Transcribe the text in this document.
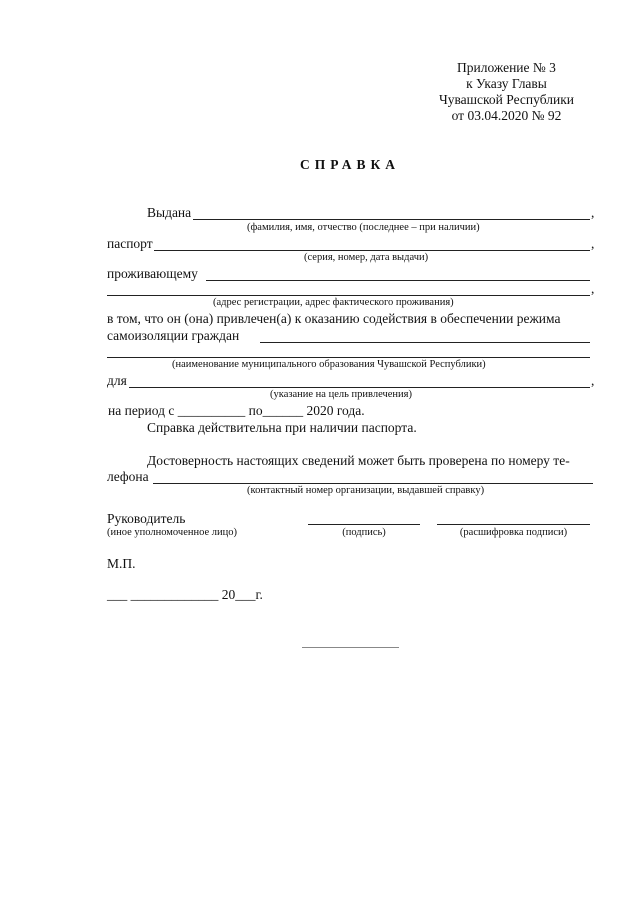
Приложение № 3
к Указу Главы
Чувашской Республики
от 03.04.2020 № 92
СПРАВКА
Выдана	,
(фамилия, имя, отчество (последнее – при наличии)
паспорт	,
(серия, номер, дата выдачи)
проживающему
,
(адрес регистрации, адрес фактического проживания)
в том, что он (она) привлечен(а) к оказанию содействия в обеспечении режима
самоизоляции граждан
(наименование муниципального образования Чувашской Республики)
для	,
(указание на цель привлечения)
на период с __________ по______ 2020 года.
Справка действительна при наличии паспорта.
Достоверность настоящих сведений может быть проверена по номеру те-
лефона
(контактный номер организации, выдавшей справку)
Руководитель
(иное уполномоченное лицо)	(подпись)	(расшифровка подписи)
М.П.
___ _____________ 20___г.
